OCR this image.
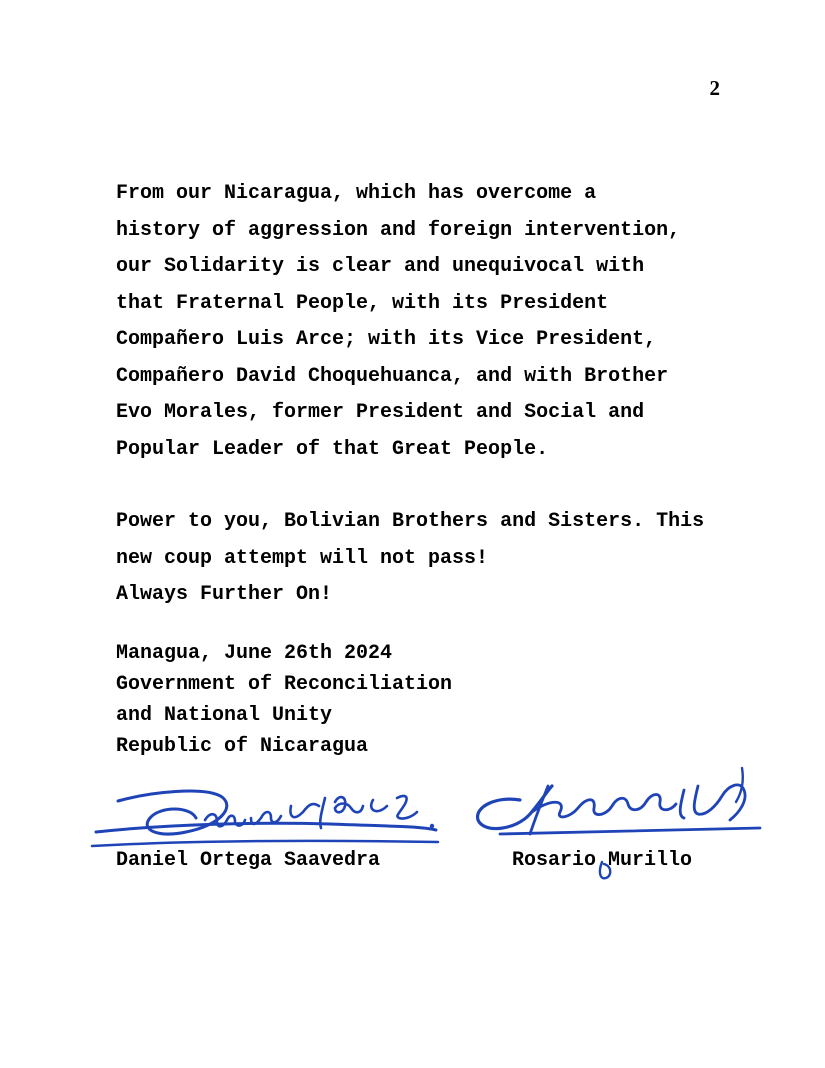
2

From our Nicaragua, which has overcome a
history of aggression and foreign intervention,
our Solidarity is clear and unequivocal with
that Fraternal People, with its President
Compañero Luis Arce; with its Vice President,
Compañero David Choquehuanca, and with Brother
Evo Morales, former President and Social and
Popular Leader of that Great People.

Power to you, Bolivian Brothers and Sisters. This
new coup attempt will not pass!
Always Further On!

Managua, June 26th 2024
Government of Reconciliation
and National Unity
Republic of Nicaragua
Daniel Ortega Saavedra	Rosario Murillo
